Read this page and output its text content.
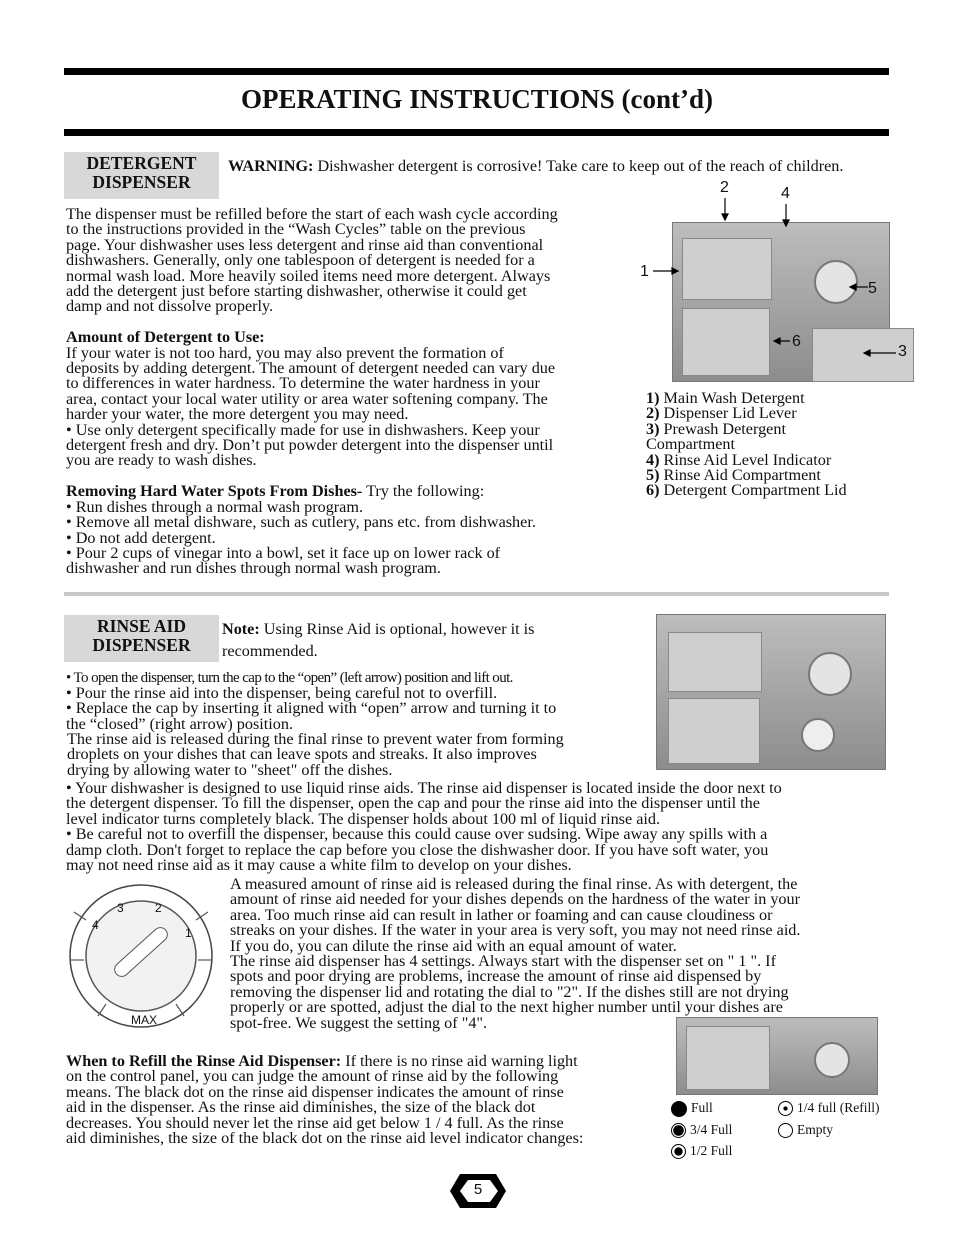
OPERATING INSTRUCTIONS (cont’d)
DETERGENT
DISPENSER
WARNING: Dishwasher detergent is corrosive! Take care to keep out of the reach of children.

The dispenser must be refilled before the start of each wash cycle according

to the instructions provided in the “Wash Cycles” table on the previous

page. Your dishwasher uses less detergent and rinse aid than conventional

dishwashers. Generally, only one tablespoon of detergent is needed for a

normal wash load. More heavily soiled items need more detergent. Always

add the detergent just before starting dishwasher, otherwise it could get

damp and not dissolve properly.

Amount of Detergent to Use:

If your water is not too hard, you may also prevent the formation of

deposits by adding detergent. The amount of detergent needed can vary due

to differences in water hardness. To determine the water hardness in your

area, contact your local water utility or area water softening company. The

harder your water, the more detergent you may need.

• Use only detergent specifically made for use in dishwashers. Keep your

detergent fresh and dry. Don’t put powder detergent into the dispenser until

you are ready to wash dishes.

Removing Hard Water Spots From Dishes- Try the following:

• Run dishes through a normal wash program.

• Remove all metal dishware, such as cutlery, pans etc. from dishwasher.

• Do not add detergent.

• Pour 2 cups of vinegar into a bowl, set it face up on lower rack of

dishwasher and run dishes through normal wash program.

1
2
3
4
5
6

1) Main Wash Detergent

2) Dispenser Lid Lever

3) Prewash Detergent

Compartment

4) Rinse Aid Level Indicator

5) Rinse Aid Compartment

6) Detergent Compartment Lid

RINSE AID
DISPENSER

Note: Using Rinse Aid is optional, however it is

recommended.

• To open the dispenser, turn the cap to the “open” (left arrow) position and lift out.

• Pour the rinse aid into the dispenser, being careful not to overfill.

• Replace the cap by inserting it aligned with “open” arrow and turning it to

the “closed” (right arrow) position.

The rinse aid is released during the final rinse to prevent water from forming

droplets on your dishes that can leave spots and streaks. It also improves

drying by allowing water to "sheet" off the dishes.

• Your dishwasher is designed to use liquid rinse aids. The rinse aid dispenser is located inside the door next to

the detergent dispenser. To fill the dispenser, open the cap and pour the rinse aid into the dispenser until the

level indicator turns completely black. The dispenser holds about 100 ml of liquid rinse aid.

• Be careful not to overfill the dispenser, because this could cause over sudsing. Wipe away any spills with a

damp cloth. Don't forget to replace the cap before you close the dishwasher door. If you have soft water, you

may not need rinse aid as it may cause a white film to develop on your dishes.

4
3	2
1
MAX

A measured amount of rinse aid is released during the final rinse. As with detergent, the

amount of rinse aid needed for your dishes depends on the hardness of the water in your

area. Too much rinse aid can result in lather or foaming and can cause cloudiness or

streaks on your dishes. If the water in your area is very soft, you may not need rinse aid.

If you do, you can dilute the rinse aid with an equal amount of water.

The rinse aid dispenser has 4 settings. Always start with the dispenser set on " 1 ". If

spots and poor drying are problems, increase the amount of rinse aid dispensed by

removing the dispenser lid and rotating the dial to "2". If the dishes still are not drying

properly or are spotted, adjust the dial to the next higher number until your dishes are

spot-free. We suggest the setting of "4".

When to Refill the Rinse Aid Dispenser: If there is no rinse aid warning light

on the control panel, you can judge the amount of rinse aid by the following

means. The black dot on the rinse aid dispenser indicates the amount of rinse

aid in the dispenser. As the rinse aid diminishes, the size of the black dot

decreases. You should never let the rinse aid get below 1 / 4 full. As the rinse

aid diminishes, the size of the black dot on the rinse aid level indicator changes:

Full
3/4 Full
1/2 Full
1/4 full (Refill)
Empty
5
